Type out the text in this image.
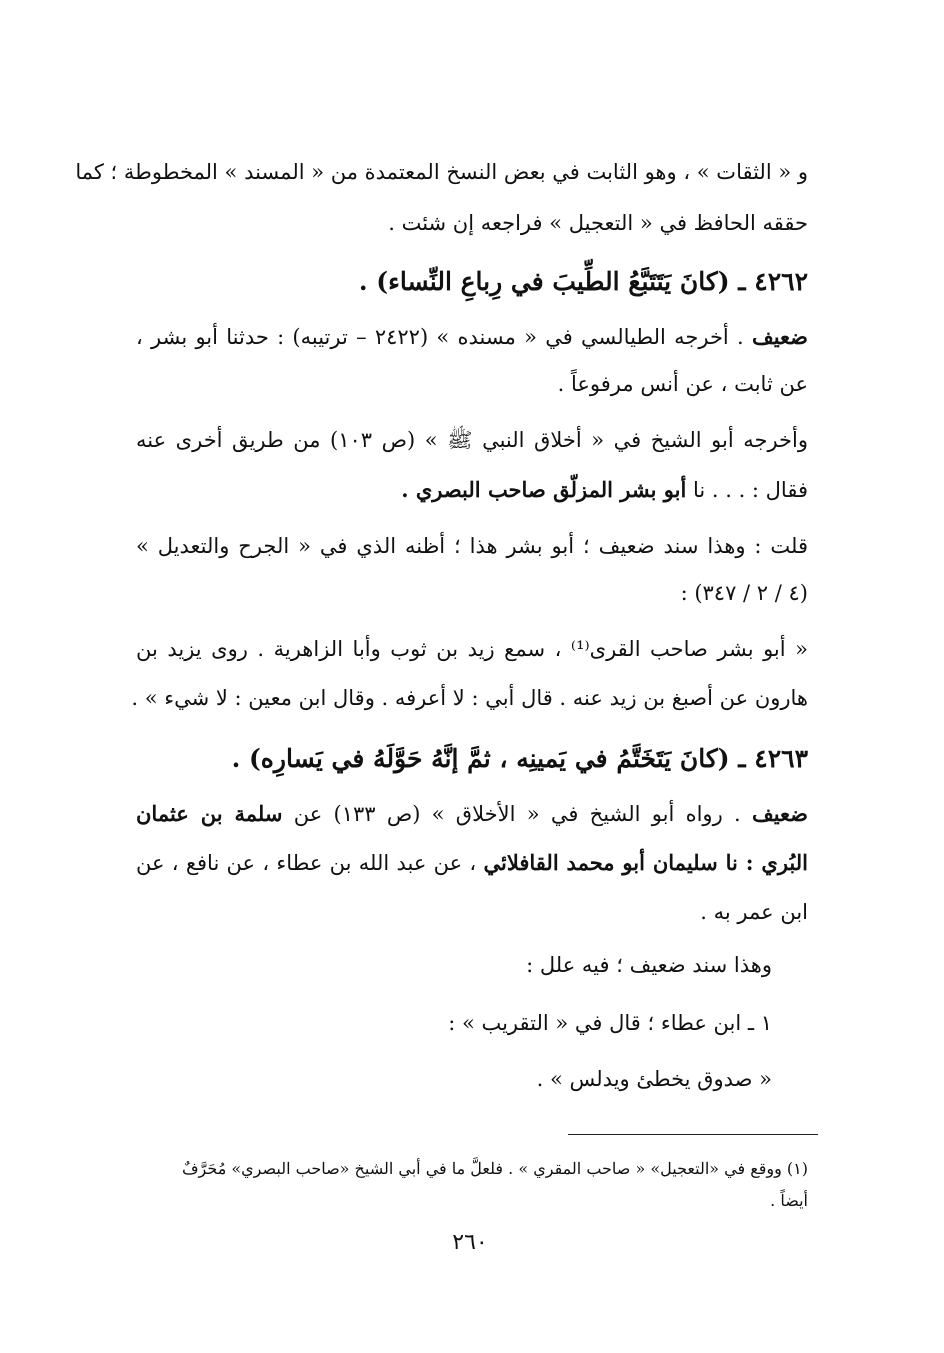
و « الثقات » ، وهو الثابت في بعض النسخ المعتمدة من « المسند » المخطوطة ؛ كما
حققه الحافظ في « التعجيل » فراجعه إن شئت .
٤٢٦٢ ـ (كانَ يَتَتَبَّعُ الطِّيبَ في رِباعِ النِّساء) .
ضعيف . أخرجه الطيالسي في « مسنده » (٢٤٢٢ – ترتيبه) : حدثنا أبو بشر ،
عن ثابت ، عن أنس مرفوعاً .
وأخرجه أبو الشيخ في « أخلاق النبي ﷺ » (ص ١٠٣) من طريق أخرى عنه
فقال : . . . نا أبو بشر المزلّق صاحب البصري .
قلت : وهذا سند ضعيف ؛ أبو بشر هذا ؛ أظنه الذي في « الجرح والتعديل »
(٤ / ٢ / ٣٤٧) :
« أبو بشر صاحب القرى⁽¹⁾ ، سمع زيد بن ثوب وأبا الزاهرية . روى يزيد بن
هارون عن أصبغ بن زيد عنه . قال أبي : لا أعرفه . وقال ابن معين : لا شيء » .
٤٢٦٣ ـ (كانَ يَتَخَتَّمُ في يَمينِه ، ثمَّ إنَّهُ حَوَّلَهُ في يَسارِه) .
ضعيف . رواه أبو الشيخ في « الأخلاق » (ص ١٣٣) عن سلمة بن عثمان
البُري : نا سليمان أبو محمد القافلائي ، عن عبد الله بن عطاء ، عن نافع ، عن
ابن عمر به .
وهذا سند ضعيف ؛ فيه علل :
١ ـ ابن عطاء ؛ قال في « التقريب » :
« صدوق يخطئ ويدلس » .
(١) ووقع في «التعجيل» « صاحب المقري » . فلعلَّ ما في أبي الشيخ «صاحب البصري» مُحَرَّفٌ
أيضاً .
٢٦٠
